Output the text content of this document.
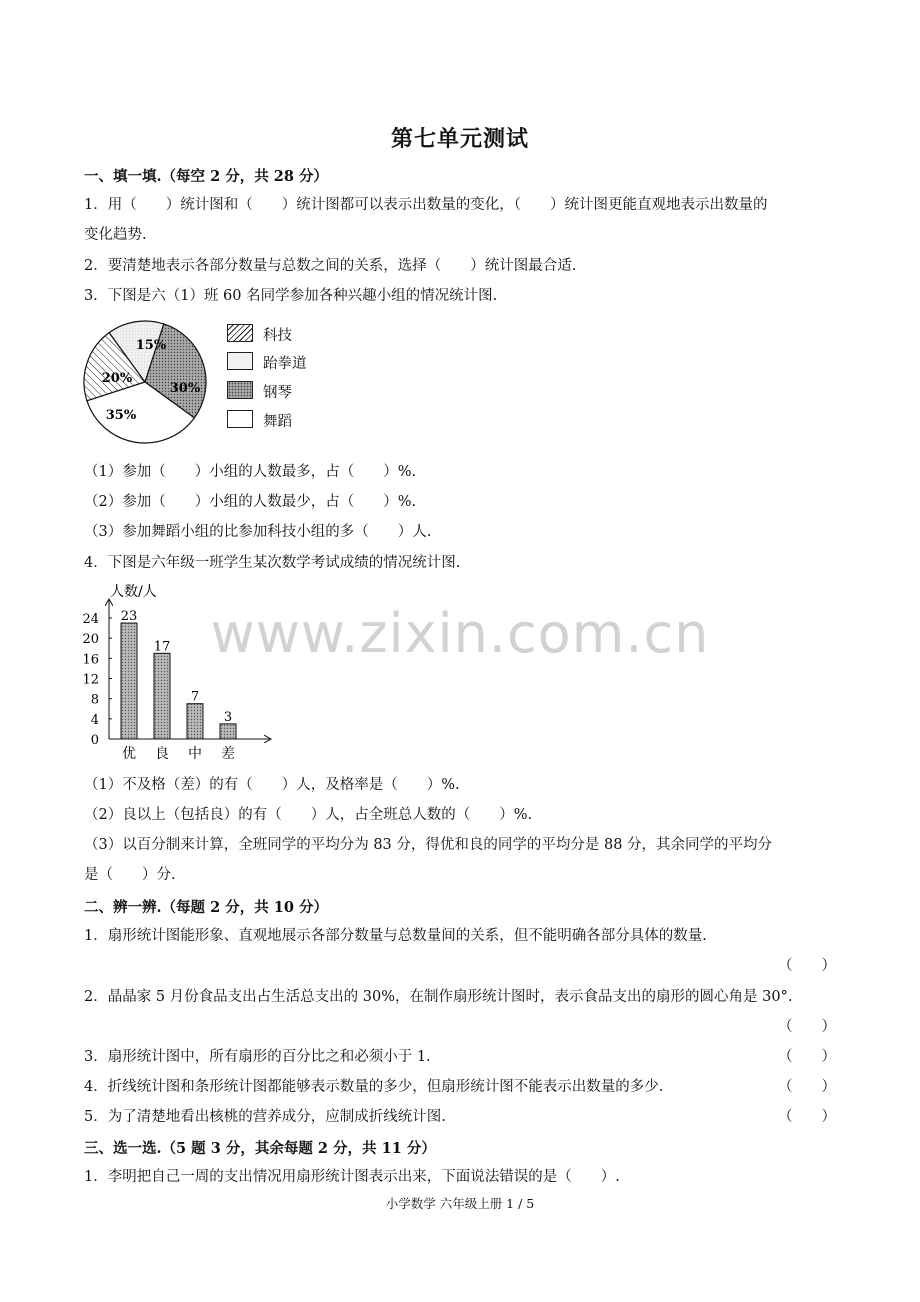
第七单元测试
一、填一填.（每空 2 分，共 28 分）
1．用（　　）统计图和（　　）统计图都可以表示出数量的变化，（　　）统计图更能直观地表示出数量的
变化趋势.
2．要清楚地表示各部分数量与总数之间的关系，选择（　　）统计图最合适.
3．下图是六（1）班 60 名同学参加各种兴趣小组的情况统计图.
20%
15%
30%
35%
科技
跆拳道
钢琴
舞蹈
（1）参加（　　）小组的人数最多，占（　　）%.
（2）参加（　　）小组的人数最少，占（　　）%.
（3）参加舞蹈小组的比参加科技小组的多（　　）人.
4．下图是六年级一班学生某次数学考试成绩的情况统计图.
人数/人
0
4
8
12
16
20
24 23
优
17
良
7
中
3
差
www.zixin.com.cn
（1）不及格（差）的有（　　）人，及格率是（　　）%.
（2）良以上（包括良）的有（　　）人，占全班总人数的（　　）%.
（3）以百分制来计算，全班同学的平均分为 83 分，得优和良的同学的平均分是 88 分，其余同学的平均分
是（　　）分.
二、辨一辨.（每题 2 分，共 10 分）
1．扇形统计图能形象、直观地展示各部分数量与总数量间的关系，但不能明确各部分具体的数量.
（　　）
2．晶晶家 5 月份食品支出占生活总支出的 30%，在制作扇形统计图时，表示食品支出的扇形的圆心角是 30°.
（　　）
3．扇形统计图中，所有扇形的百分比之和必须小于 1.	（　　）
4．折线统计图和条形统计图都能够表示数量的多少，但扇形统计图不能表示出数量的多少.	（　　）
5．为了清楚地看出核桃的营养成分，应制成折线统计图.	（　　）
三、选一选.（5 题 3 分，其余每题 2 分，共 11 分）
1．李明把自己一周的支出情况用扇形统计图表示出来，下面说法错误的是（　　）.
小学数学 六年级上册 1 / 5
